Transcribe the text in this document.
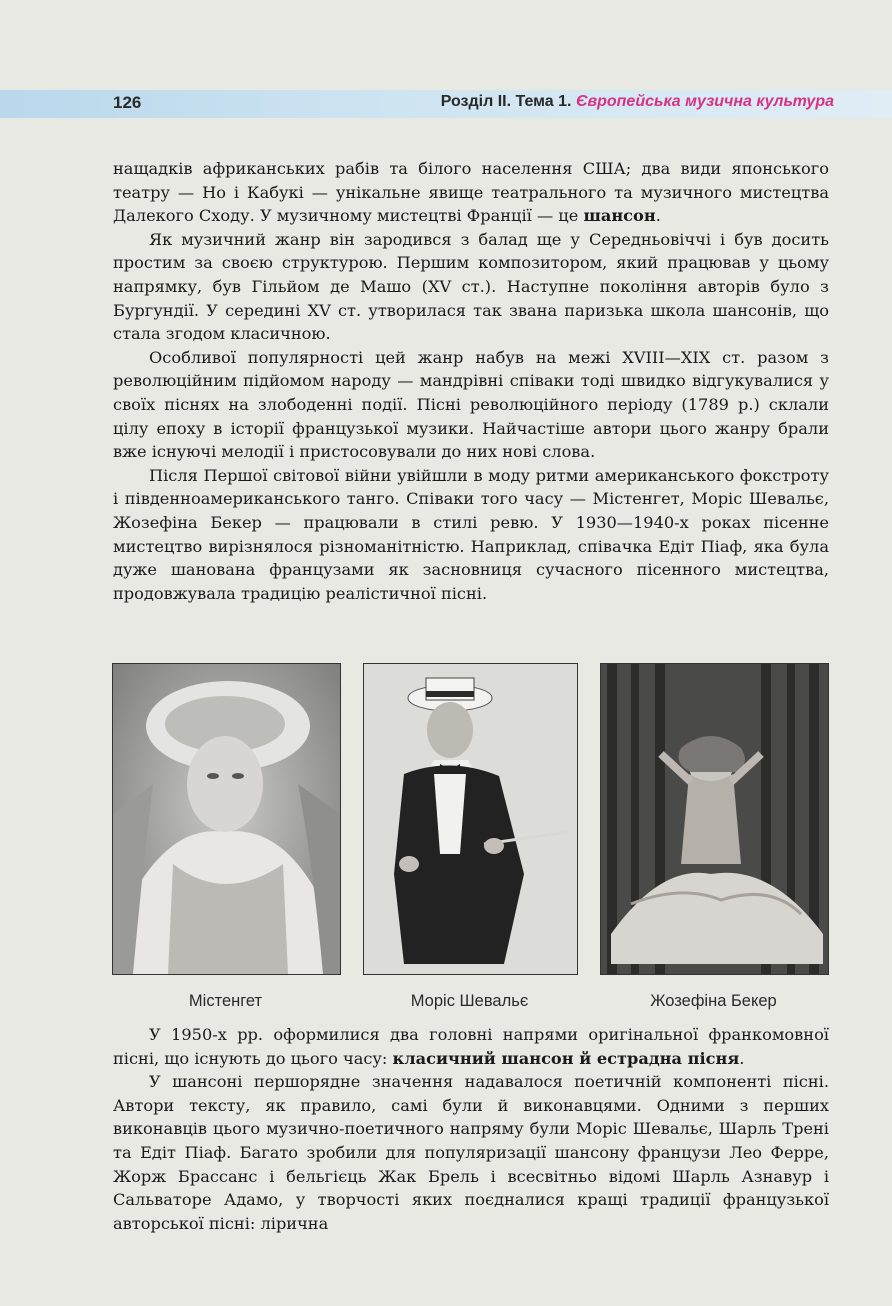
126	Розділ ІІ. Тема 1. Європейська музична культура

нащадків африканських рабів та білого населення США; два види японського театру — Но і Кабукі — унікальне явище театрального та музичного мистецтва Далекого Сходу. У музичному мистецтві Франції — це шансон.

Як музичний жанр він зародився з балад ще у Середньовіччі і був досить простим за своєю структурою. Першим композитором, який працював у цьому напрямку, був Гільйом де Машо (XV ст.). Наступне покоління авторів було з Бургундії. У середині XV ст. утворилася так звана паризька школа шансонів, що стала згодом класичною.

Особливої популярності цей жанр набув на межі XVIII—XIX ст. разом з революційним підйомом народу — мандрівні співаки тоді швидко відгукувалися у своїх піснях на злободенні події. Пісні революційного періоду (1789 р.) склали цілу епоху в історії французької музики. Найчастіше автори цього жанру брали вже існуючі мелодії і пристосовували до них нові слова.

Після Першої світової війни увійшли в моду ритми американського фокстроту і південноамериканського танго. Співаки того часу — Містенгет, Моріс Шевальє, Жозефіна Бекер — працювали в стилі ревю. У 1930—1940-х роках пісенне мистецтво вирізнялося різноманітністю. Наприклад, співачка Едіт Піаф, яка була дуже шанована французами як засновниця сучасного пісенного мистецтва, продовжувала традицію реалістичної пісні.

Містенгет	Моріс Шевальє	Жозефіна Бекер

У 1950-х рр. оформилися два головні напрями оригінальної франкомовної пісні, що існують до цього часу: класичний шансон й естрадна пісня.

У шансоні першорядне значення надавалося поетичній компоненті пісні. Автори тексту, як правило, самі були й виконавцями. Одними з перших виконавців цього музично-поетичного напряму були Моріс Шевальє, Шарль Трені та Едіт Піаф. Багато зробили для популяризації шансону французи Лео Ферре, Жорж Брассанс і бельгієць Жак Брель і всесвітньо відомі Шарль Азнавур і Сальваторе Адамо, у творчості яких поєдналися кращі традиції французької авторської пісні: лірична
